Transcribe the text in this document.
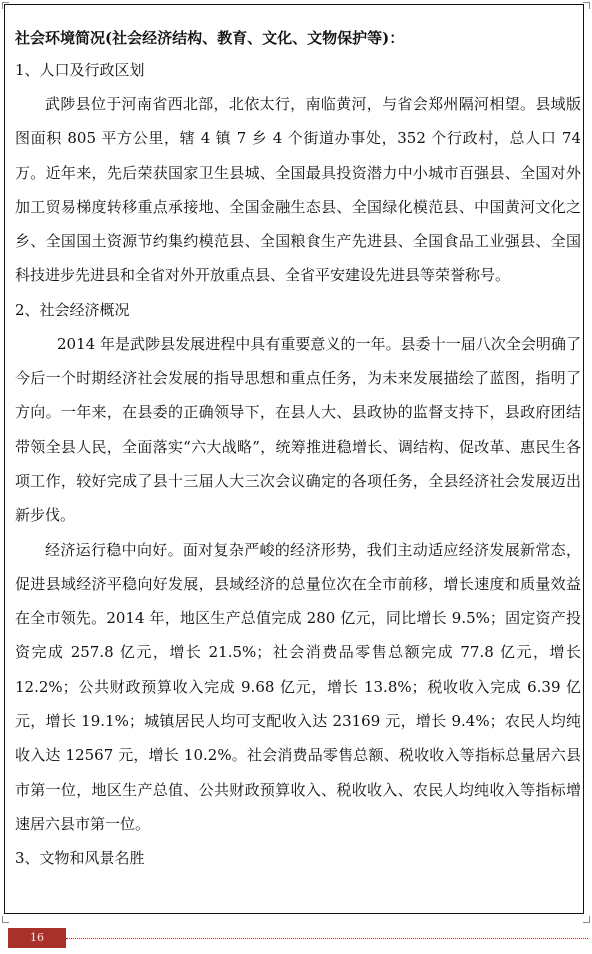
社会环境简况(社会经济结构、教育、文化、文物保护等)：
1、人口及行政区划

武陟县位于河南省西北部，北依太行，南临黄河，与省会郑州隔河相望。县域版图面积 805 平方公里，辖 4 镇 7 乡 4 个街道办事处，352 个行政村，总人口 74 万。近年来，先后荣获国家卫生县城、全国最具投资潜力中小城市百强县、全国对外加工贸易梯度转移重点承接地、全国金融生态县、全国绿化模范县、中国黄河文化之乡、全国国土资源节约集约模范县、全国粮食生产先进县、全国食品工业强县、全国科技进步先进县和全省对外开放重点县、全省平安建设先进县等荣誉称号。

2、社会经济概况

2014 年是武陟县发展进程中具有重要意义的一年。县委十一届八次全会明确了今后一个时期经济社会发展的指导思想和重点任务，为未来发展描绘了蓝图，指明了方向。一年来，在县委的正确领导下，在县人大、县政协的监督支持下，县政府团结带领全县人民，全面落实“六大战略”，统筹推进稳增长、调结构、促改革、惠民生各项工作，较好完成了县十三届人大三次会议确定的各项任务，全县经济社会发展迈出新步伐。

经济运行稳中向好。面对复杂严峻的经济形势，我们主动适应经济发展新常态，促进县域经济平稳向好发展，县域经济的总量位次在全市前移，增长速度和质量效益在全市领先。2014 年，地区生产总值完成 280 亿元，同比增长 9.5%；固定资产投资完成 257.8 亿元，增长 21.5%；社会消费品零售总额完成 77.8 亿元，增长 12.2%；公共财政预算收入完成 9.68 亿元，增长 13.8%；税收收入完成 6.39 亿元，增长 19.1%；城镇居民人均可支配收入达 23169 元，增长 9.4%；农民人均纯收入达 12567 元，增长 10.2%。社会消费品零售总额、税收收入等指标总量居六县市第一位，地区生产总值、公共财政预算收入、税收收入、农民人均纯收入等指标增速居六县市第一位。

3、文物和风景名胜
16
